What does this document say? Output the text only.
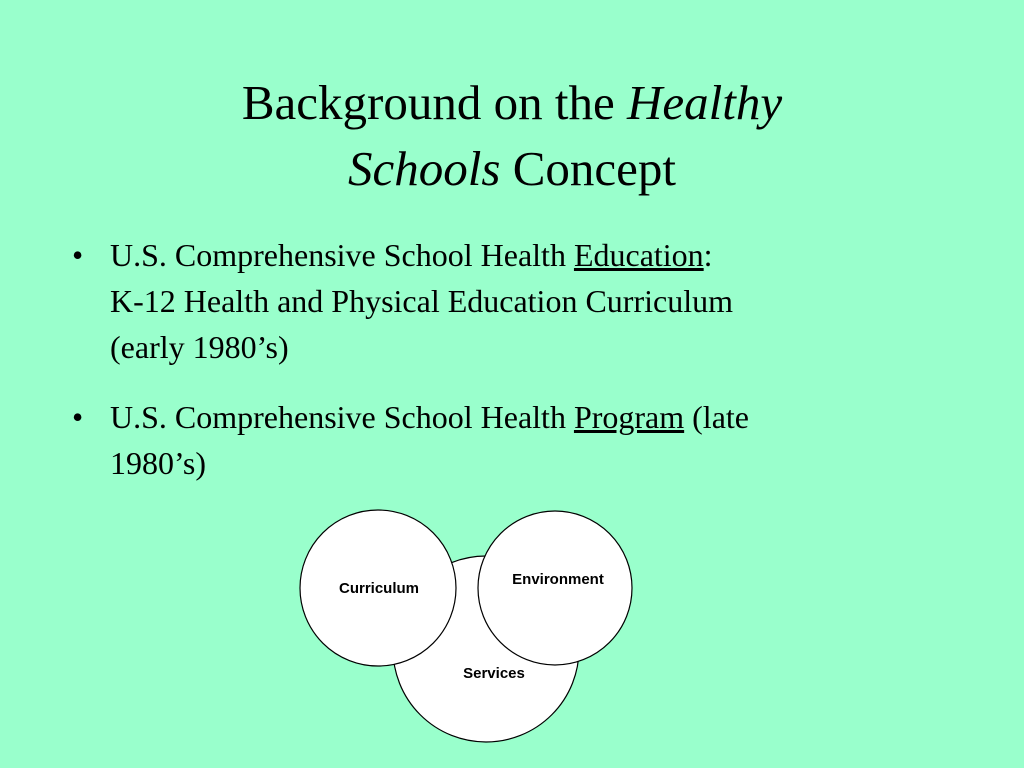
Background on the Healthy
Schools Concept
• U.S. Comprehensive School Health Education:
K-12 Health and Physical Education Curriculum
(early 1980’s)
• U.S. Comprehensive School Health Program (late
1980’s)
Services
Environment
Curriculum
